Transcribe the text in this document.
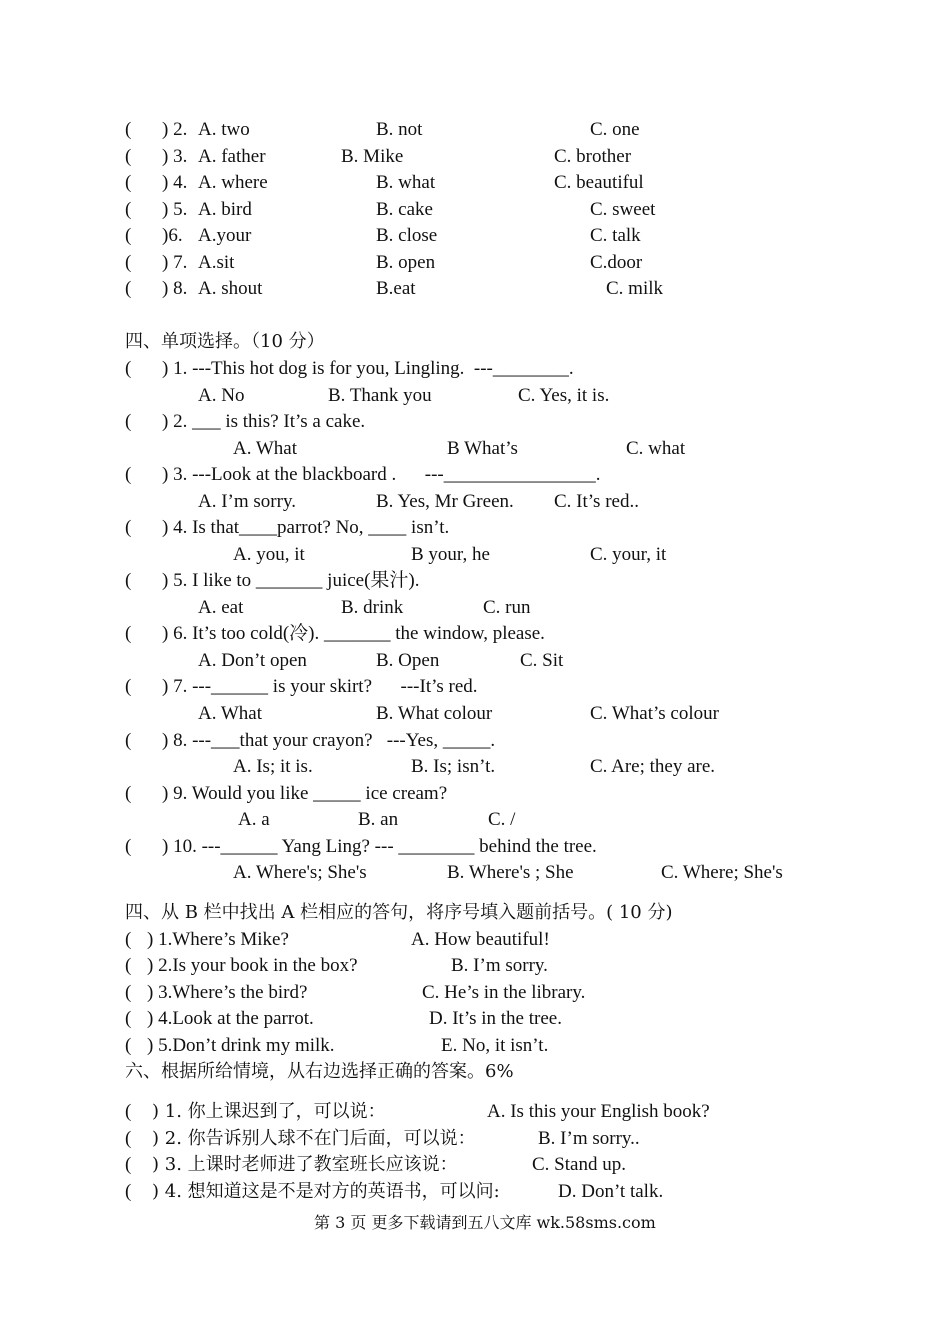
( ) 2. A. two	B. not	C. one
( ) 3. A. father	B. Mike	C. brother
( ) 4. A. where	B. what	C. beautiful
( ) 5. A. bird	B. cake	C. sweet
( )6. A.your	B. close	C. talk
( ) 7. A.sit	B. open	C.door
( ) 8. A. shout	B.eat	C. milk
四、单项选择。（10 分）
( ) 1. ---This hot dog is for you, Lingling.  ---________.
A. No	B. Thank you	C. Yes, it is.
( ) 2. ___ is this? It’s a cake.
A. What	B What’s	C. what
( ) 3. ---Look at the blackboard .      ---________________.
A. I’m sorry.	B. Yes, Mr Green. C. It’s red..
( ) 4. Is that____parrot? No, ____ isn’t.
A. you, it	B your, he	C. your, it
( ) 5. I like to _______ juice(果汁).
A. eat	B. drink	C. run
( ) 6. It’s too cold(冷). _______ the window, please.
A. Don’t open	B. Open	C. Sit
( ) 7. ---______ is your skirt?      ---It’s red.
A. What	B. What colour	C. What’s colour
( ) 8. ---___that your crayon?   ---Yes, _____.
A. Is; it is.	B. Is; isn’t.	C. Are; they are.
( ) 9. Would you like _____ ice cream?
A. a	B. an	C. /
( ) 10. ---______ Yang Ling? --- ________ behind the tree.
A. Where's; She's	B. Where's ; She	C. Where; She's
四、从 B 栏中找出 A 栏相应的答句，将序号填入题前括号。( 10 分)
( ) 1.Where’s Mike?	A. How beautiful!
( ) 2.Is your book in the box?	B. I’m sorry.
( ) 3.Where’s the bird?	C. He’s in the library.
( ) 4.Look at the parrot.	D. It’s in the tree.
( ) 5.Don’t drink my milk.	E. No, it isn’t.
六、根据所给情境，从右边选择正确的答案。6%
( ) 1. 你上课迟到了，可以说：	A. Is this your English book?
( ) 2. 你告诉别人球不在门后面，可以说：	B. I’m sorry..
( ) 3. 上课时老师进了教室班长应该说：	C. Stand up.
( ) 4. 想知道这是不是对方的英语书，可以问:	D. Don’t talk.
第 3 页 更多下载请到五八文库 wk.58sms.com
